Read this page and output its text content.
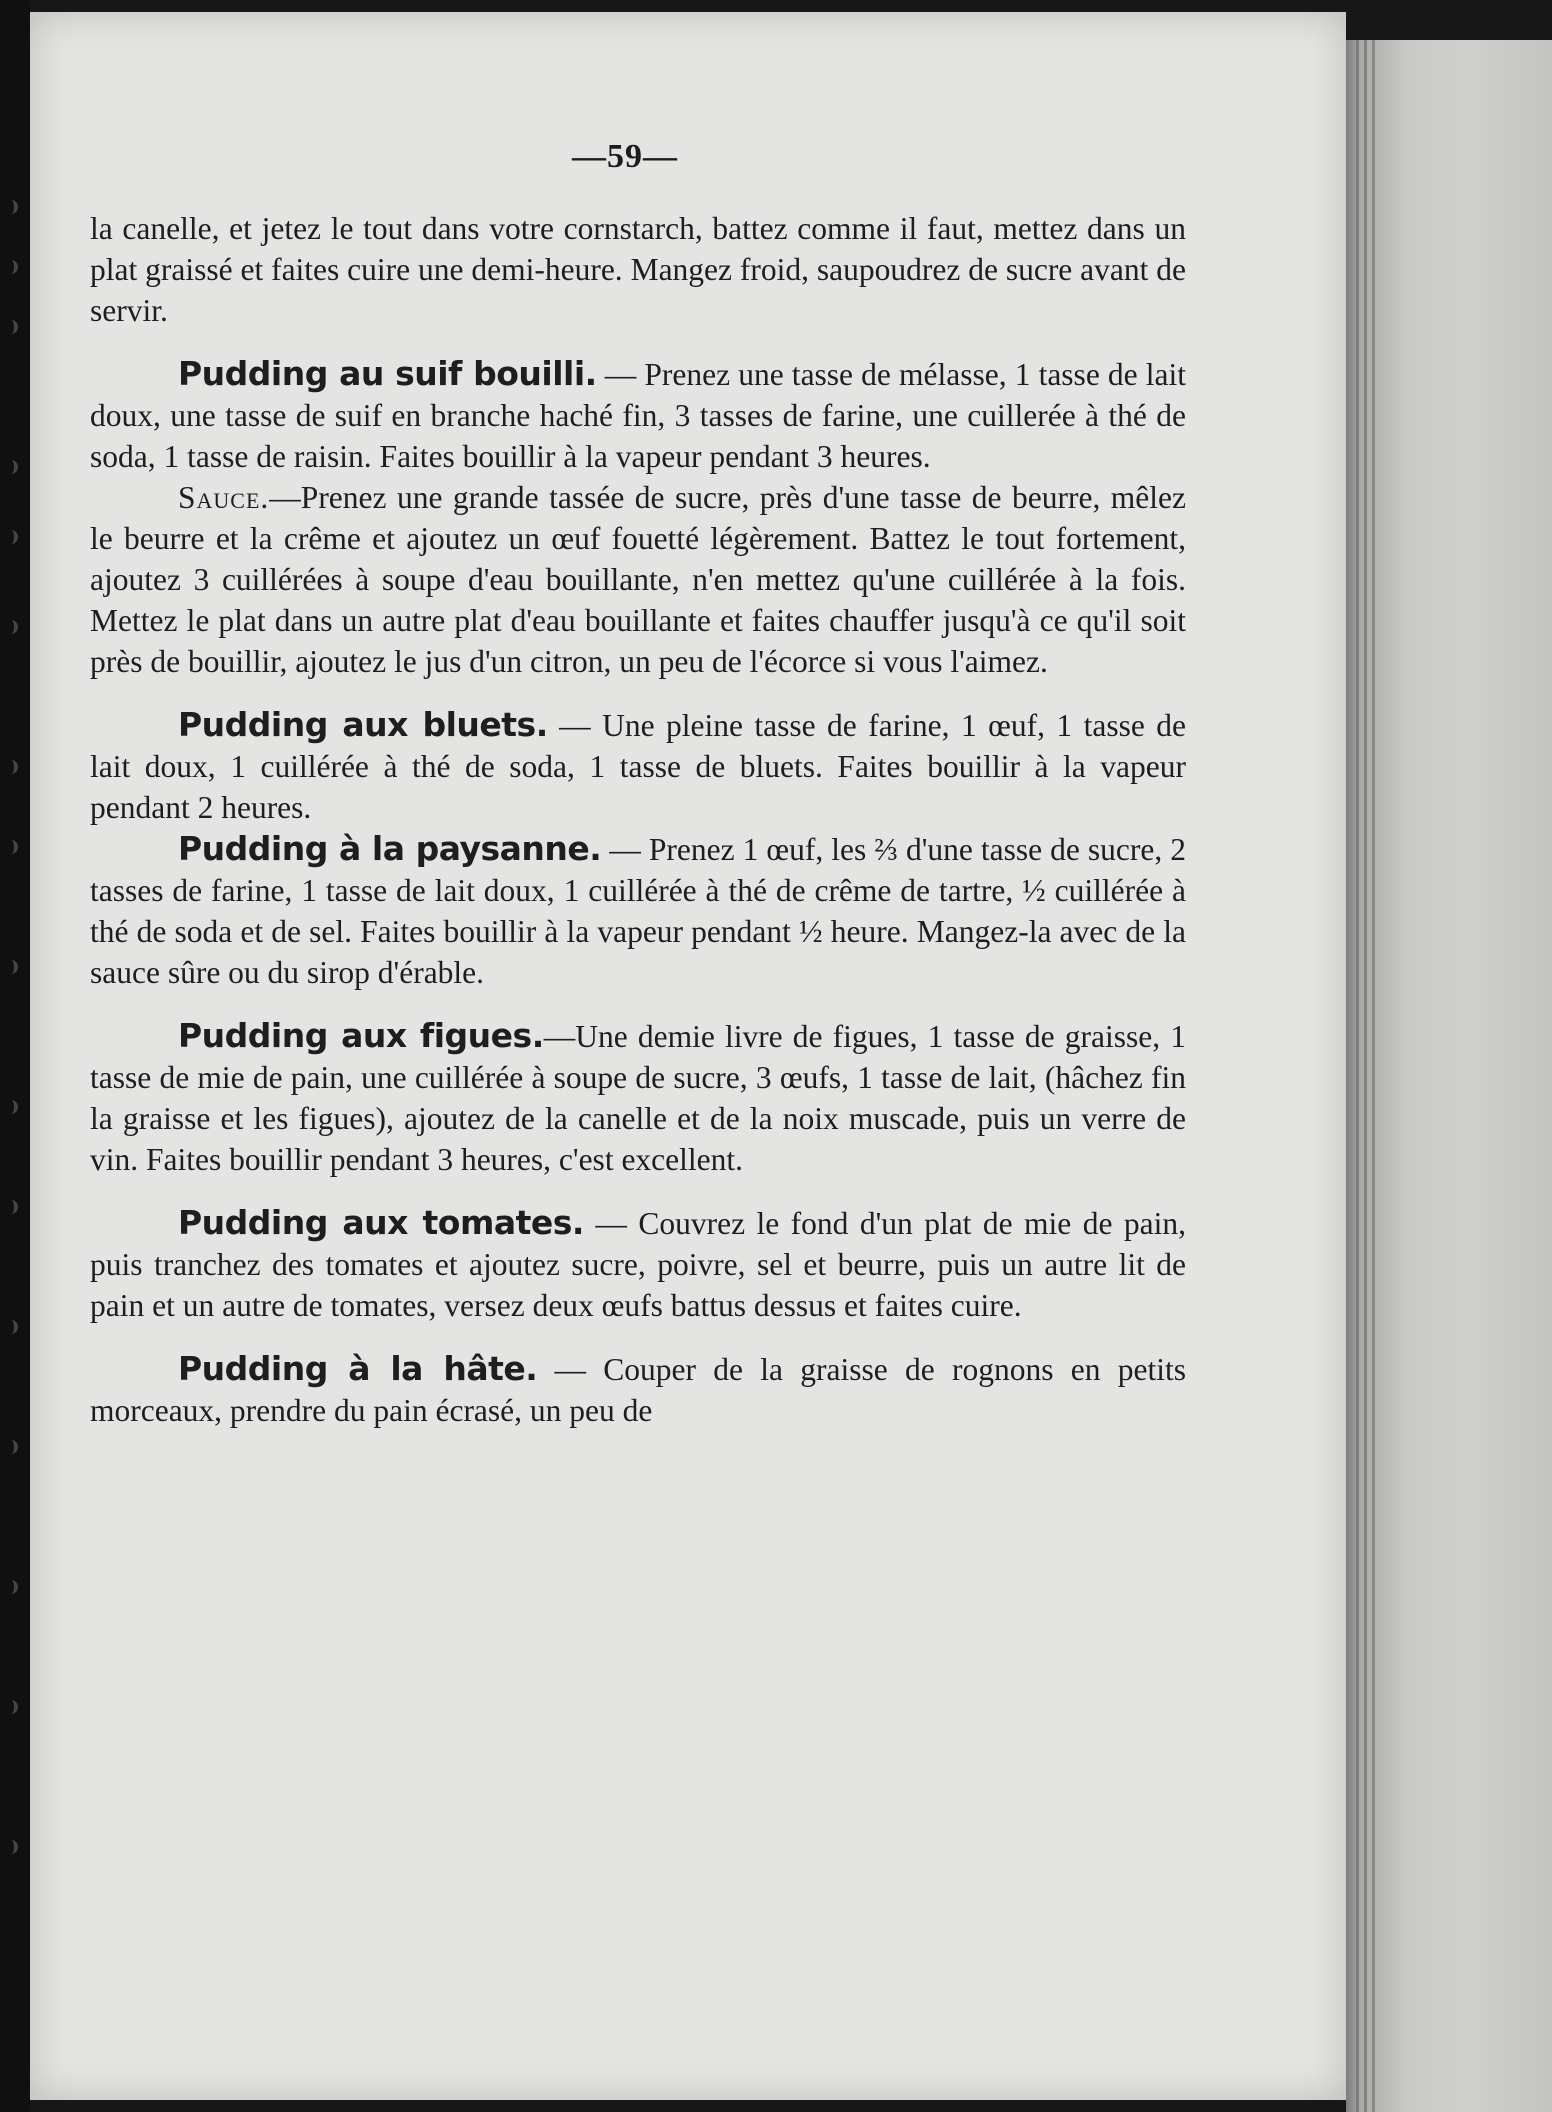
—59—

la canelle, et jetez le tout dans votre cornstarch, battez comme il faut, mettez dans un plat graissé et faites cuire une demi-heure. Mangez froid, saupoudrez de sucre avant de servir.

Pudding au suif bouilli. — Prenez une tasse de mélasse, 1 tasse de lait doux, une tasse de suif en branche haché fin, 3 tasses de farine, une cuillerée à thé de soda, 1 tasse de raisin. Faites bouillir à la vapeur pendant 3 heures.

Sauce.—Prenez une grande tassée de sucre, près d'une tasse de beurre, mêlez le beurre et la crême et ajoutez un œuf fouetté légèrement. Battez le tout fortement, ajoutez 3 cuillérées à soupe d'eau bouillante, n'en mettez qu'une cuillérée à la fois. Mettez le plat dans un autre plat d'eau bouillante et faites chauffer jusqu'à ce qu'il soit près de bouillir, ajoutez le jus d'un citron, un peu de l'écorce si vous l'aimez.

Pudding aux bluets. — Une pleine tasse de farine, 1 œuf, 1 tasse de lait doux, 1 cuillérée à thé de soda, 1 tasse de bluets. Faites bouillir à la vapeur pendant 2 heures.

Pudding à la paysanne. — Prenez 1 œuf, les ⅔ d'une tasse de sucre, 2 tasses de farine, 1 tasse de lait doux, 1 cuillérée à thé de crême de tartre, ½ cuillérée à thé de soda et de sel. Faites bouillir à la vapeur pendant ½ heure. Mangez-la avec de la sauce sûre ou du sirop d'érable.

Pudding aux figues.—Une demie livre de figues, 1 tasse de graisse, 1 tasse de mie de pain, une cuillérée à soupe de sucre, 3 œufs, 1 tasse de lait, (hâchez fin la graisse et les figues), ajoutez de la canelle et de la noix muscade, puis un verre de vin. Faites bouillir pendant 3 heures, c'est excellent.

Pudding aux tomates. — Couvrez le fond d'un plat de mie de pain, puis tranchez des tomates et ajoutez sucre, poivre, sel et beurre, puis un autre lit de pain et un autre de tomates, versez deux œufs battus dessus et faites cuire.

Pudding à la hâte. — Couper de la graisse de rognons en petits morceaux, prendre du pain écrasé, un peu de
